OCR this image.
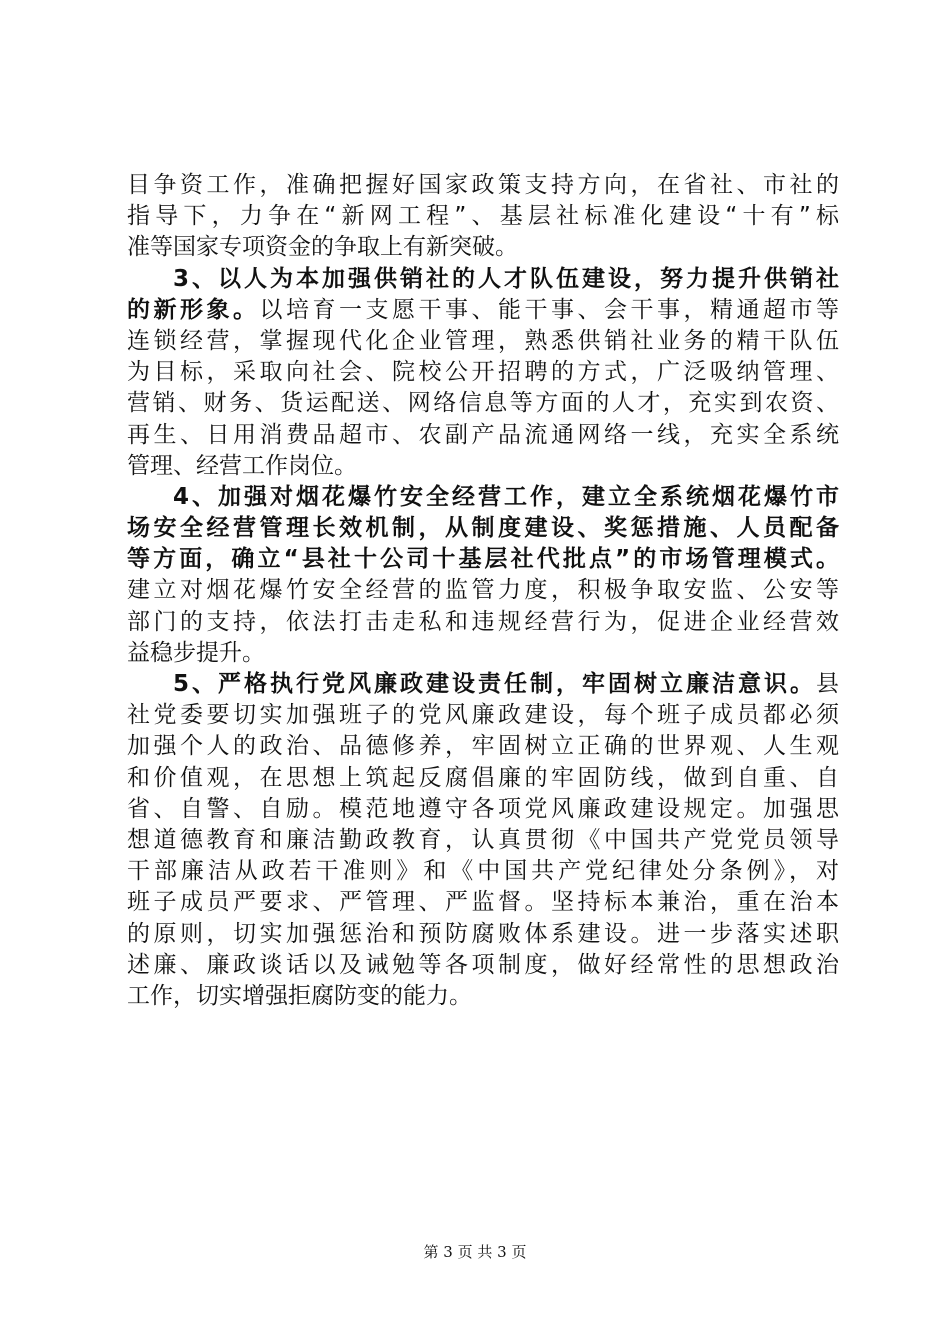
目争资工作，准确把握好国家政策支持方向，在省社、市社的
指导下，力争在“新网工程”、基层社标准化建设“十有”标
准等国家专项资金的争取上有新突破。
3、以人为本加强供销社的人才队伍建设，努力提升供销社
的新形象。以培育一支愿干事、能干事、会干事，精通超市等
连锁经营，掌握现代化企业管理，熟悉供销社业务的精干队伍
为目标，采取向社会、院校公开招聘的方式，广泛吸纳管理、
营销、财务、货运配送、网络信息等方面的人才，充实到农资、
再生、日用消费品超市、农副产品流通网络一线，充实全系统
管理、经营工作岗位。
4、加强对烟花爆竹安全经营工作，建立全系统烟花爆竹市
场安全经营管理长效机制，从制度建设、奖惩措施、人员配备
等方面，确立“县社十公司十基层社代批点”的市场管理模式。
建立对烟花爆竹安全经营的监管力度，积极争取安监、公安等
部门的支持，依法打击走私和违规经营行为，促进企业经营效
益稳步提升。
5、严格执行党风廉政建设责任制，牢固树立廉洁意识。县
社党委要切实加强班子的党风廉政建设，每个班子成员都必须
加强个人的政治、品德修养，牢固树立正确的世界观、人生观
和价值观，在思想上筑起反腐倡廉的牢固防线，做到自重、自
省、自警、自励。模范地遵守各项党风廉政建设规定。加强思
想道德教育和廉洁勤政教育，认真贯彻《中国共产党党员领导
干部廉洁从政若干准则》和《中国共产党纪律处分条例》，对
班子成员严要求、严管理、严监督。坚持标本兼治，重在治本
的原则，切实加强惩治和预防腐败体系建设。进一步落实述职
述廉、廉政谈话以及诫勉等各项制度，做好经常性的思想政治
工作，切实增强拒腐防变的能力。
第 3 页 共 3 页
